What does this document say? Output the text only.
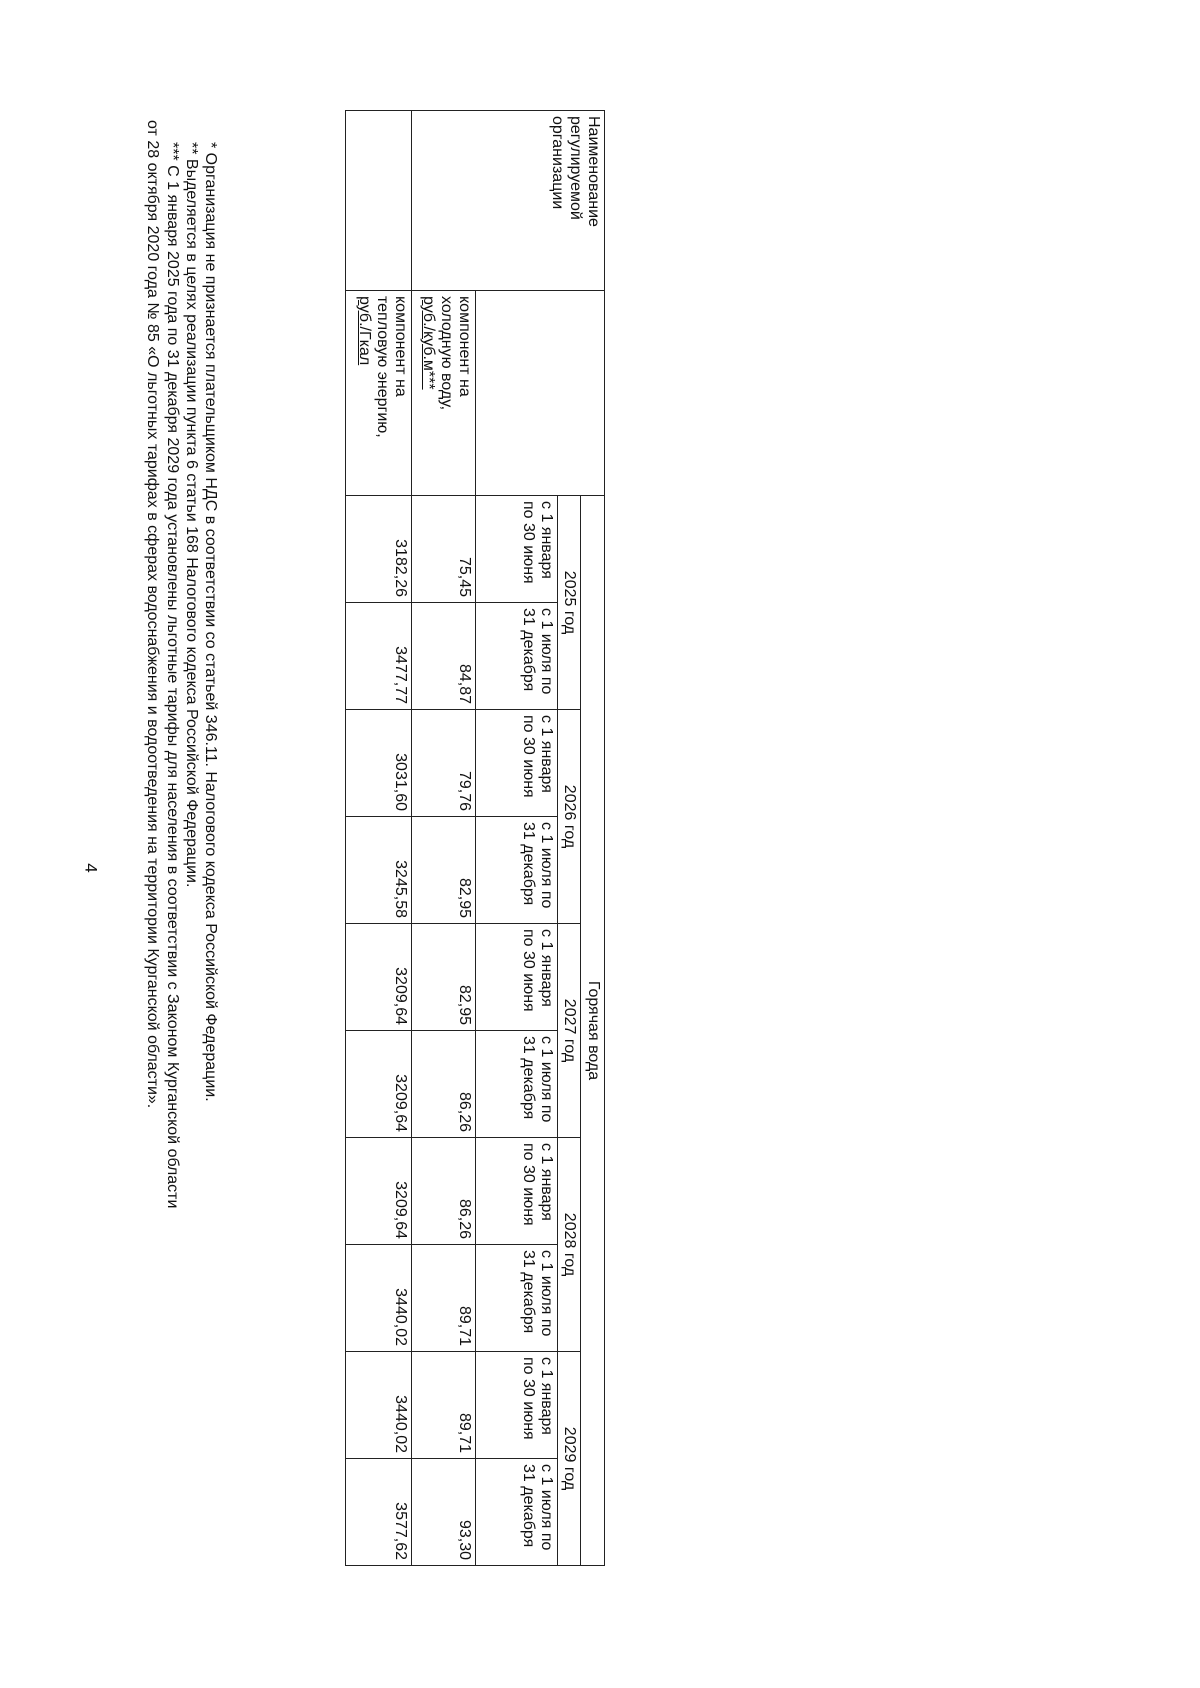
4
Наименование регулируемой организации		Горячая вода									
		2025 год		2026 год		2027 год		2028 год		2029 год	
		с 1 января по 30 июня	с 1 июля по 31 декабря	с 1 января по 30 июня	с 1 июля по 31 декабря	с 1 января по 30 июня	с 1 июля по 31 декабря	с 1 января по 30 июня	с 1 июля по 31 декабря	с 1 января по 30 июня	с 1 июля по 31 декабря

	компонент на
холодную воду,
руб./куб.м***	75,45	84,87	79,76	82,95	82,95	86,26	86,26	89,71	89,71	93,30

	компонент на
тепловую энергию,
руб./Гкал	3182,26	3477,77	3031,60	3245,58	3209,64	3209,64	3209,64	3440,02	3440,02	3577,62

* Организация не признается плательщиком НДС в соответствии со статьей 346.11. Налогового кодекса Российской Федерации.

** Выделяется в целях реализации пункта 6 статьи 168 Налогового кодекса Российской Федерации.

*** С 1 января 2025 года по 31 декабря 2029 года установлены льготные тарифы для населения в соответствии с Законом Курганской области

от 28 октября 2020 года № 85 «О льготных тарифах в сферах водоснабжения и водоотведения на территории Курганской области».
